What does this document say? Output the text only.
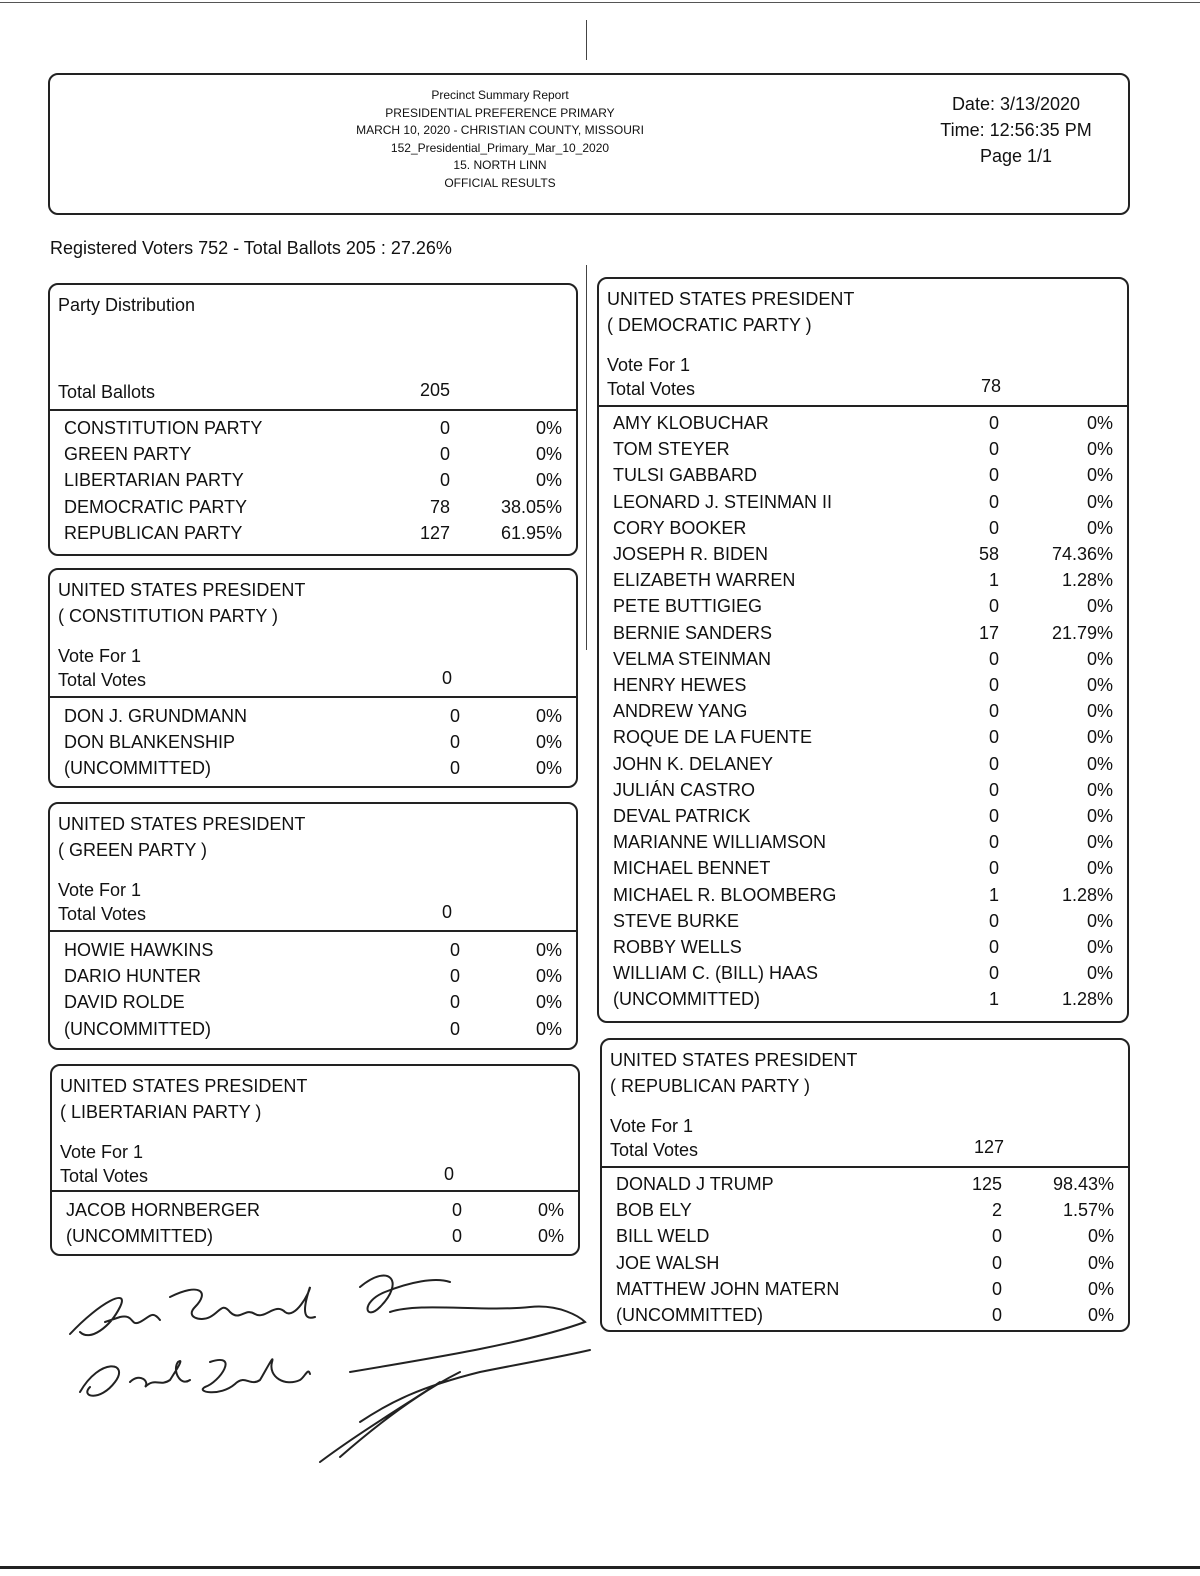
Precinct Summary Report
PRESIDENTIAL PREFERENCE PRIMARY
MARCH 10, 2020 - CHRISTIAN COUNTY, MISSOURI
152_Presidential_Primary_Mar_10_2020
15. NORTH LINN
OFFICIAL RESULTS
Date: 3/13/2020
Time: 12:56:35 PM
Page 1/1
Registered Voters 752 - Total Ballots 205 : 27.26%
Party Distribution
Total Ballots	205
CONSTITUTION PARTY	0	0%
GREEN PARTY	0	0%
LIBERTARIAN PARTY	0	0%
DEMOCRATIC PARTY	78	38.05%
REPUBLICAN PARTY	127	61.95%
UNITED STATES PRESIDENT
( CONSTITUTION PARTY )
Vote For 1
Total Votes	0
DON J. GRUNDMANN	0	0%
DON BLANKENSHIP	0	0%
(UNCOMMITTED)	0	0%
UNITED STATES PRESIDENT
( GREEN PARTY )
Vote For 1
Total Votes	0
HOWIE HAWKINS	0	0%
DARIO HUNTER	0	0%
DAVID ROLDE	0	0%
(UNCOMMITTED)	0	0%
UNITED STATES PRESIDENT
( LIBERTARIAN PARTY )
Vote For 1
Total Votes	0
JACOB HORNBERGER	0	0%
(UNCOMMITTED)	0	0%
UNITED STATES PRESIDENT
( DEMOCRATIC PARTY )
Vote For 1
Total Votes	78
AMY KLOBUCHAR	0	0%
TOM STEYER	0	0%
TULSI GABBARD	0	0%
LEONARD J. STEINMAN II	0	0%
CORY BOOKER	0	0%
JOSEPH R. BIDEN	58	74.36%
ELIZABETH WARREN	1	1.28%
PETE BUTTIGIEG	0	0%
BERNIE SANDERS	17	21.79%
VELMA STEINMAN	0	0%
HENRY HEWES	0	0%
ANDREW YANG	0	0%
ROQUE DE LA FUENTE	0	0%
JOHN K. DELANEY	0	0%
JULIÁN CASTRO	0	0%
DEVAL PATRICK	0	0%
MARIANNE WILLIAMSON	0	0%
MICHAEL BENNET	0	0%
MICHAEL R. BLOOMBERG	1	1.28%
STEVE BURKE	0	0%
ROBBY WELLS	0	0%
WILLIAM C. (BILL) HAAS	0	0%
(UNCOMMITTED)	1	1.28%
UNITED STATES PRESIDENT
( REPUBLICAN PARTY )
Vote For 1
Total Votes	127
DONALD J TRUMP	125	98.43%
BOB ELY	2	1.57%
BILL WELD	0	0%
JOE WALSH	0	0%
MATTHEW JOHN MATERN	0	0%
(UNCOMMITTED)	0	0%
